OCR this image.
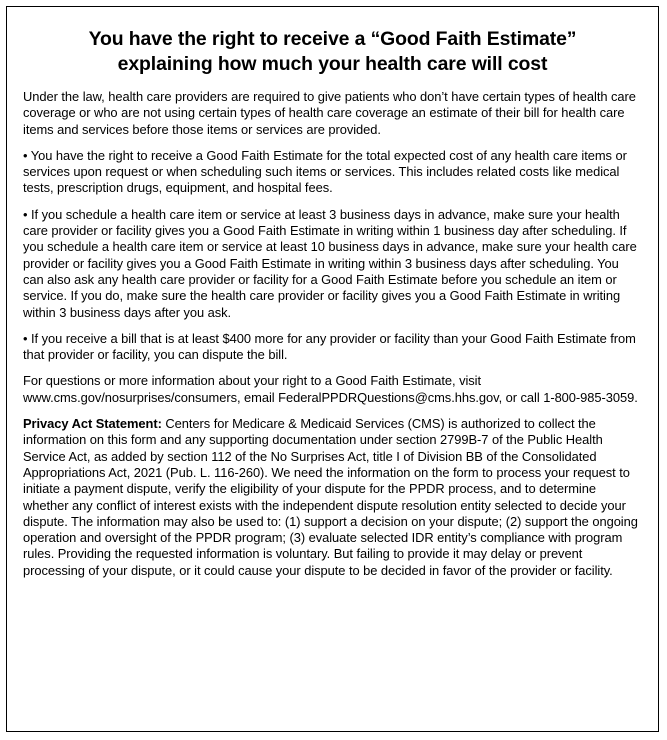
You have the right to receive a “Good Faith Estimate”
explaining how much your health care will cost

Under the law, health care providers are required to give patients who don’t have certain types of health care coverage or who are not using certain types of health care coverage an estimate of their bill for health care items and services before those items or services are provided.

• You have the right to receive a Good Faith Estimate for the total expected cost of any health care items or services upon request or when scheduling such items or services. This includes related costs like medical tests, prescription drugs, equipment, and hospital fees.

• If you schedule a health care item or service at least 3 business days in advance, make sure your health care provider or facility gives you a Good Faith Estimate in writing within 1 business day after scheduling. If you schedule a health care item or service at least 10 business days in advance, make sure your health care provider or facility gives you a Good Faith Estimate in writing within 3 business days after scheduling. You can also ask any health care provider or facility for a Good Faith Estimate before you schedule an item or service. If you do, make sure the health care provider or facility gives you a Good Faith Estimate in writing within 3 business days after you ask.

• If you receive a bill that is at least $400 more for any provider or facility than your Good Faith Estimate from that provider or facility, you can dispute the bill.

For questions or more information about your right to a Good Faith Estimate, visit www.cms.gov/nosurprises/consumers, email FederalPPDRQuestions@cms.hhs.gov, or call 1-800-985-3059.

Privacy Act Statement: Centers for Medicare & Medicaid Services (CMS) is authorized to collect the information on this form and any supporting documentation under section 2799B-7 of the Public Health Service Act, as added by section 112 of the No Surprises Act, title I of Division BB of the Consolidated Appropriations Act, 2021 (Pub. L. 116-260). We need the information on the form to process your request to initiate a payment dispute, verify the eligibility of your dispute for the PPDR process, and to determine whether any conflict of interest exists with the independent dispute resolution entity selected to decide your dispute. The information may also be used to: (1) support a decision on your dispute; (2) support the ongoing operation and oversight of the PPDR program; (3) evaluate selected IDR entity’s compliance with program rules. Providing the requested information is voluntary. But failing to provide it may delay or prevent processing of your dispute, or it could cause your dispute to be decided in favor of the provider or facility.
